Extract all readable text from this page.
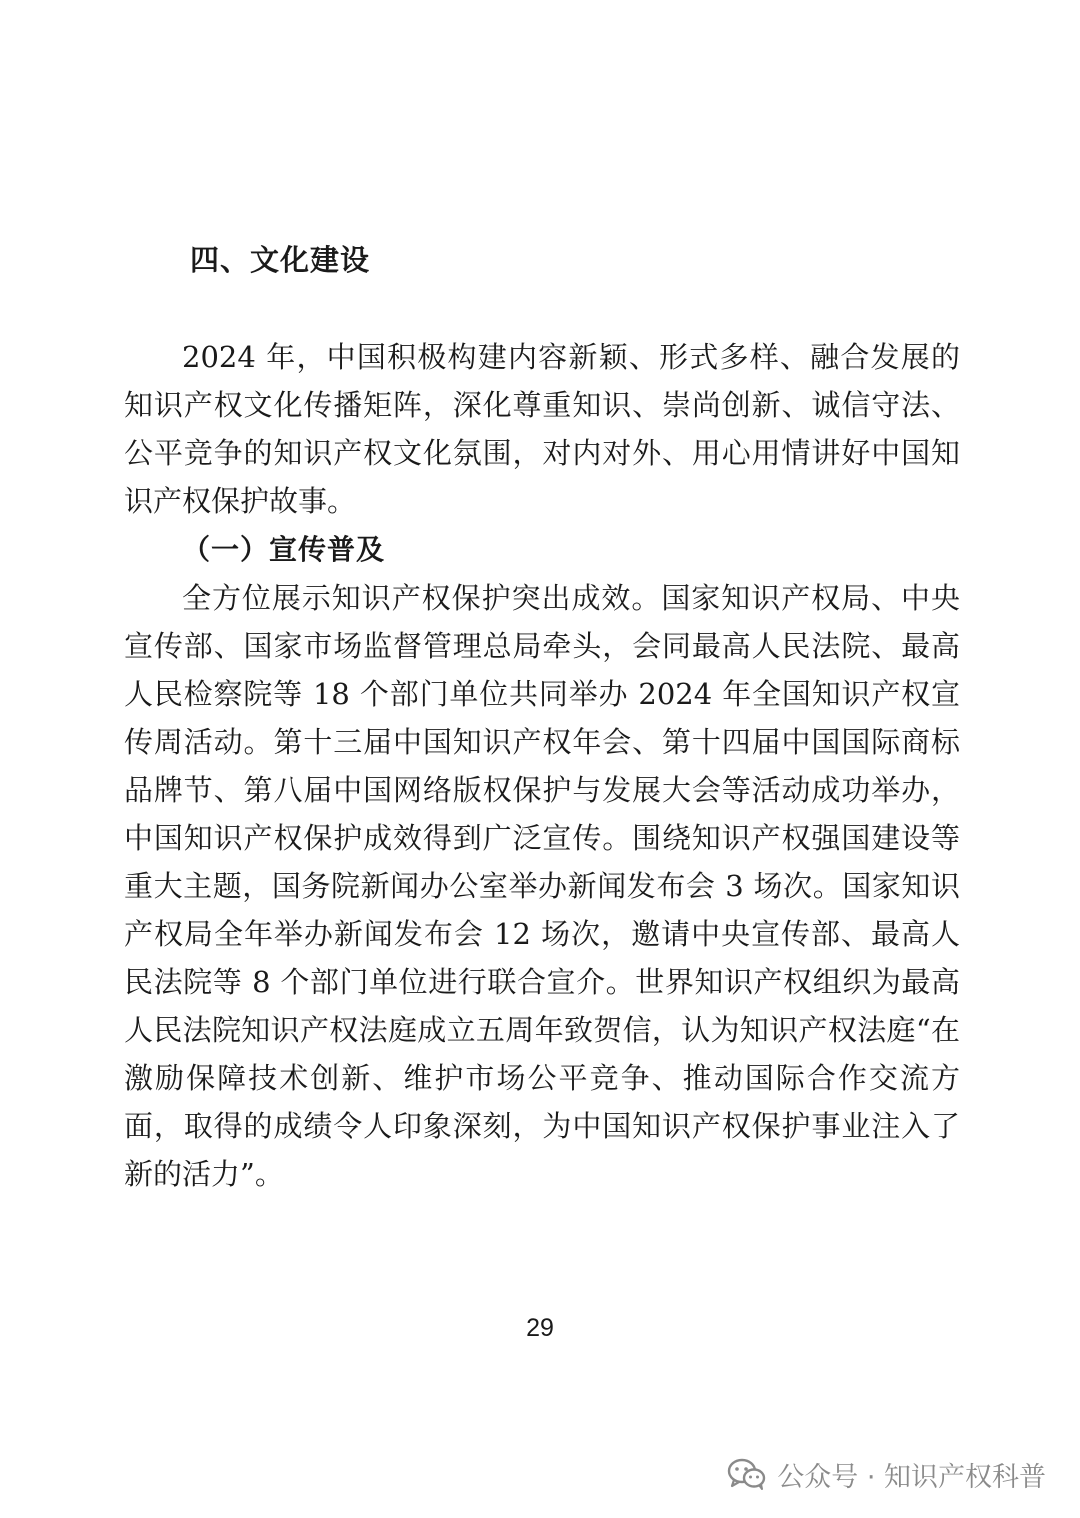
四、文化建设

2024 年，中国积极构建内容新颖、形式多样、融合发展的知识产权文化传播矩阵，深化尊重知识、崇尚创新、诚信守法、公平竞争的知识产权文化氛围，对内对外、用心用情讲好中国知识产权保护故事。

（一）宣传普及

全方位展示知识产权保护突出成效。国家知识产权局、中央宣传部、国家市场监督管理总局牵头，会同最高人民法院、最高人民检察院等 18 个部门单位共同举办 2024 年全国知识产权宣传周活动。第十三届中国知识产权年会、第十四届中国国际商标品牌节、第八届中国网络版权保护与发展大会等活动成功举办，中国知识产权保护成效得到广泛宣传。围绕知识产权强国建设等重大主题，国务院新闻办公室举办新闻发布会 3 场次。国家知识产权局全年举办新闻发布会 12 场次，邀请中央宣传部、最高人民法院等 8 个部门单位进行联合宣介。世界知识产权组织为最高人民法院知识产权法庭成立五周年致贺信，认为知识产权法庭“在激励保障技术创新、维护市场公平竞争、推动国际合作交流方面，取得的成绩令人印象深刻，为中国知识产权保护事业注入了新的活力”。

29

公众号 · 知识产权科普
